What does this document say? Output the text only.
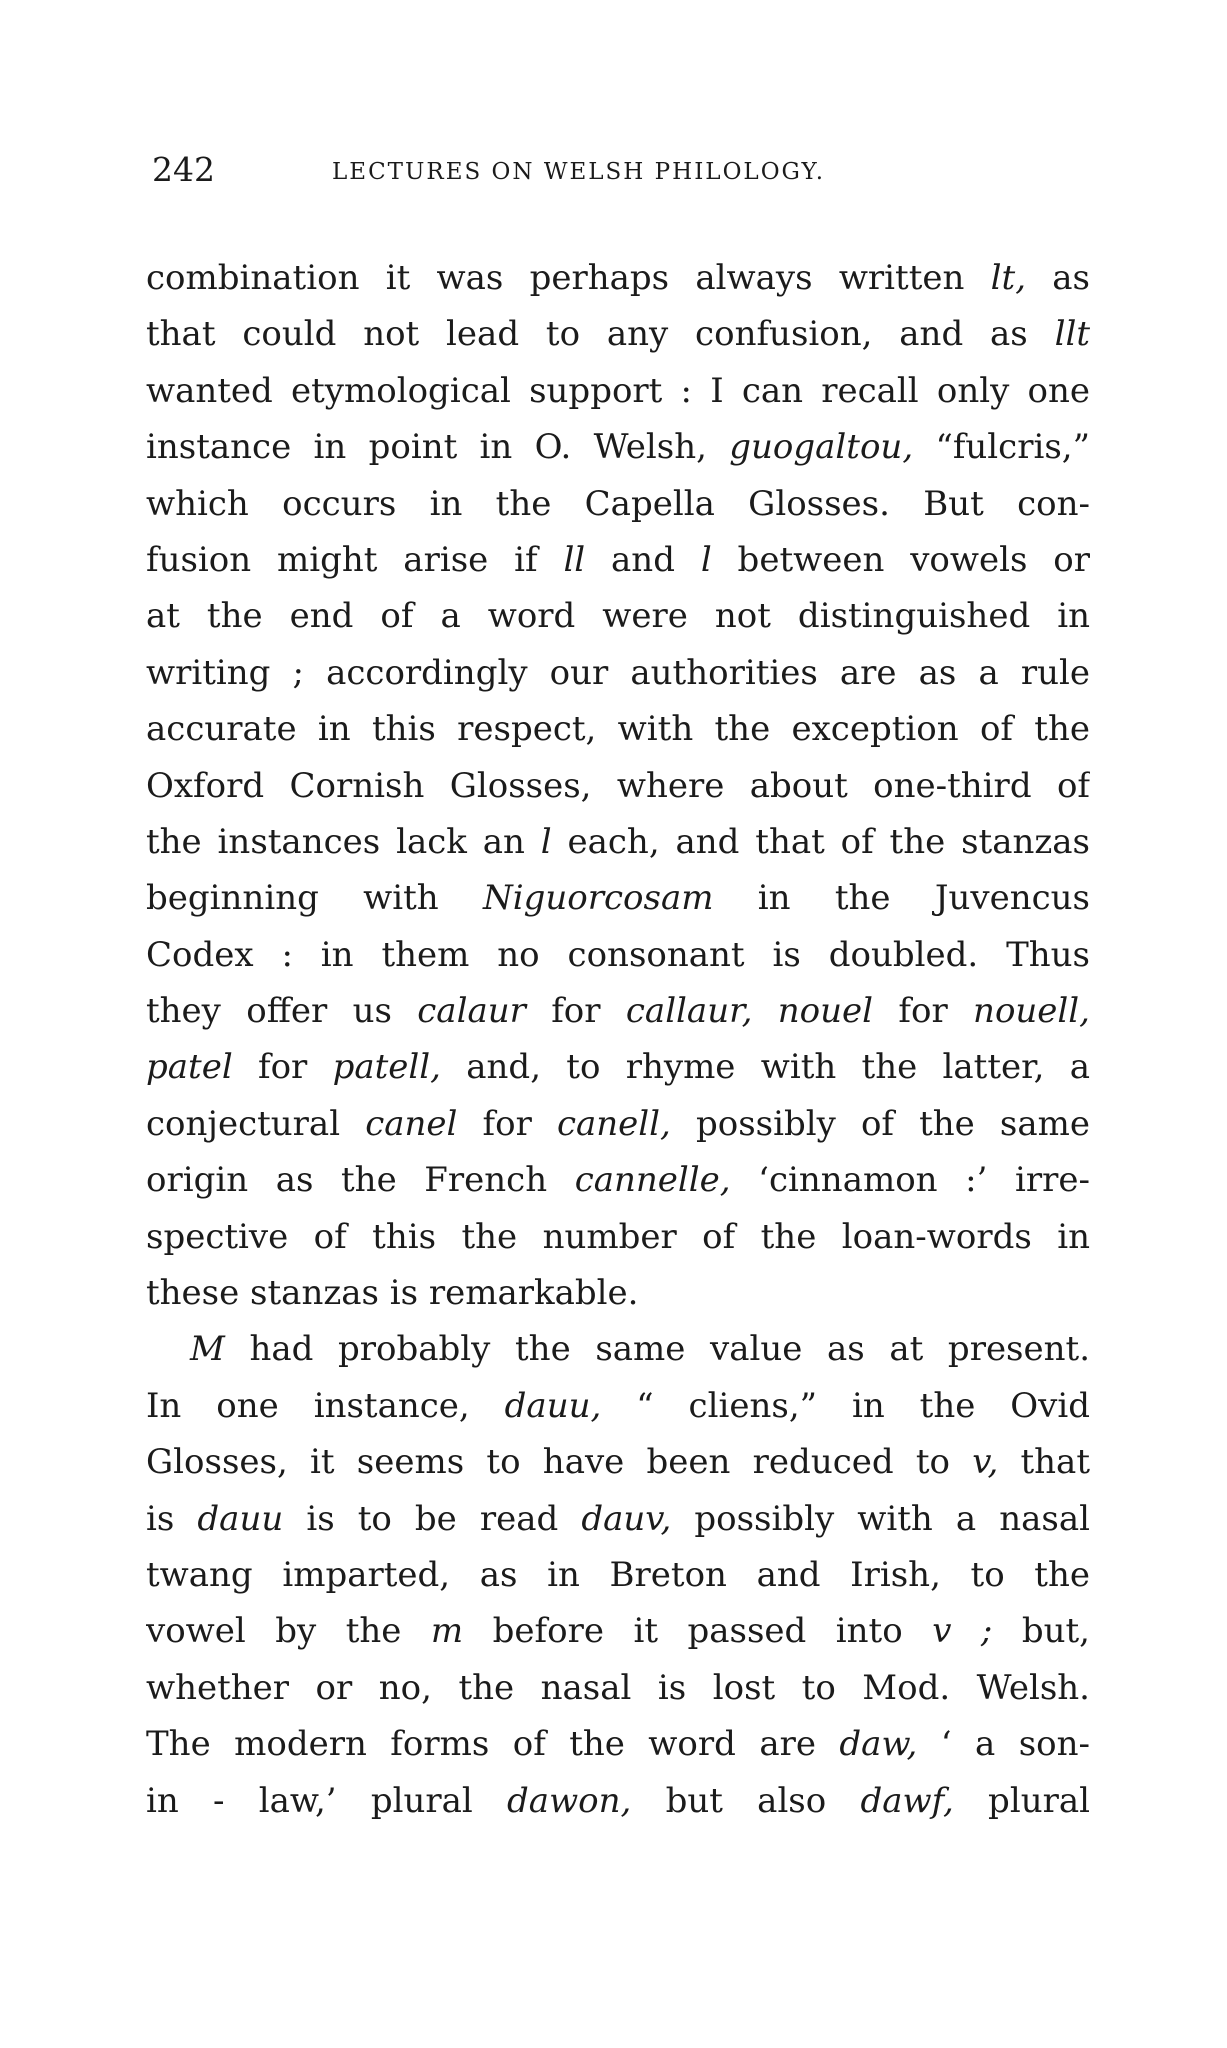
242	LECTURES ON WELSH PHILOLOGY.
combination it was perhaps always written lt, as
that could not lead to any confusion, and as llt
wanted etymological support : I can recall only one
instance in point in O. Welsh, guogaltou, “fulcris,”
which occurs in the Capella Glosses. But con-
fusion might arise if ll and l between vowels or
at the end of a word were not distinguished in
writing ; accordingly our authorities are as a rule
accurate in this respect, with the exception of the
Oxford Cornish Glosses, where about one-third of
the instances lack an l each, and that of the stanzas
beginning with Niguorcosam in the Juvencus
Codex : in them no consonant is doubled. Thus
they offer us calaur for callaur, nouel for nouell,
patel for patell, and, to rhyme with the latter, a
conjectural canel for canell, possibly of the same
origin as the French cannelle, ‘cinnamon :’ irre-
spective of this the number of the loan-words in
these stanzas is remarkable.
M had probably the same value as at present.
In one instance, dauu, “ cliens,” in the Ovid
Glosses, it seems to have been reduced to v, that
is dauu is to be read dauv, possibly with a nasal
twang imparted, as in Breton and Irish, to the
vowel by the m before it passed into v ; but,
whether or no, the nasal is lost to Mod. Welsh.
The modern forms of the word are daw, ‘ a son-
in - law,’ plural dawon, but also dawf, plural
